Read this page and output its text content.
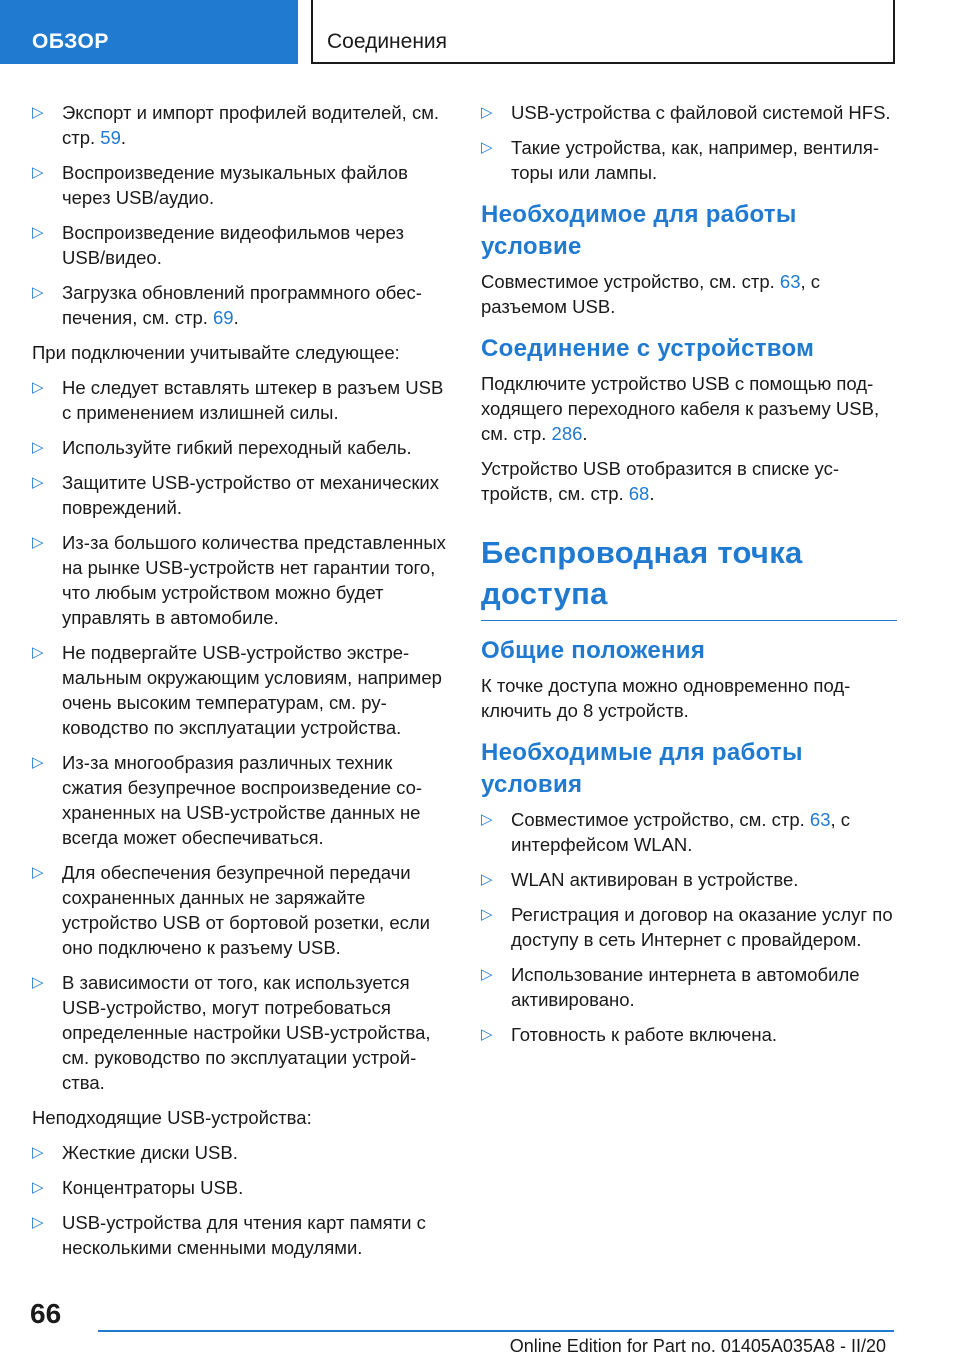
ОБЗОР	Соединения
▷ Экспорт и импорт профилей водителей, см. стр. 59.
▷ Воспроизведение музыкальных файлов через USB/аудио.
▷ Воспроизведение видеофильмов через USB/видео.
▷ Загрузка обновлений программного обеспечения, см. стр. 69.
При подключении учитывайте следующее:
▷ Не следует вставлять штекер в разъем USB с применением излишней силы.
▷ Используйте гибкий переходный кабель.
▷ Защитите USB-устройство от механических повреждений.
▷ Из-за большого количества представленных на рынке USB-устройств нет гарантии того, что любым устройством можно будет управлять в автомобиле.
▷ Не подвергайте USB-устройство экстремальным окружающим условиям, например очень высоким температурам, см. руководство по эксплуатации устройства.
▷ Из-за многообразия различных техник сжатия безупречное воспроизведение сохраненных на USB-устройстве данных не всегда может обеспечиваться.
▷ Для обеспечения безупречной передачи сохраненных данных не заряжайте устройство USB от бортовой розетки, если оно подключено к разъему USB.
▷ В зависимости от того, как используется USB-устройство, могут потребоваться определенные настройки USB-устройства, см. руководство по эксплуатации устройства.
Неподходящие USB-устройства:
▷ Жесткие диски USB.
▷ Концентраторы USB.
▷ USB-устройства для чтения карт памяти с несколькими сменными модулями.
▷ USB-устройства с файловой системой HFS.
▷ Такие устройства, как, например, вентиляторы или лампы.
Необходимое для работы условие
Совместимое устройство, см. стр. 63, с разъемом USB.
Соединение с устройством
Подключите устройство USB с помощью подходящего переходного кабеля к разъему USB, см. стр. 286.
Устройство USB отобразится в списке устройств, см. стр. 68.
Беспроводная точка доступа
Общие положения
К точке доступа можно одновременно подключить до 8 устройств.
Необходимые для работы условия
▷ Совместимое устройство, см. стр. 63, с интерфейсом WLAN.
▷ WLAN активирован в устройстве.
▷ Регистрация и договор на оказание услуг по доступу в сеть Интернет с провайдером.
▷ Использование интернета в автомобиле активировано.
▷ Готовность к работе включена.
66
Online Edition for Part no. 01405A035A8 - II/20
